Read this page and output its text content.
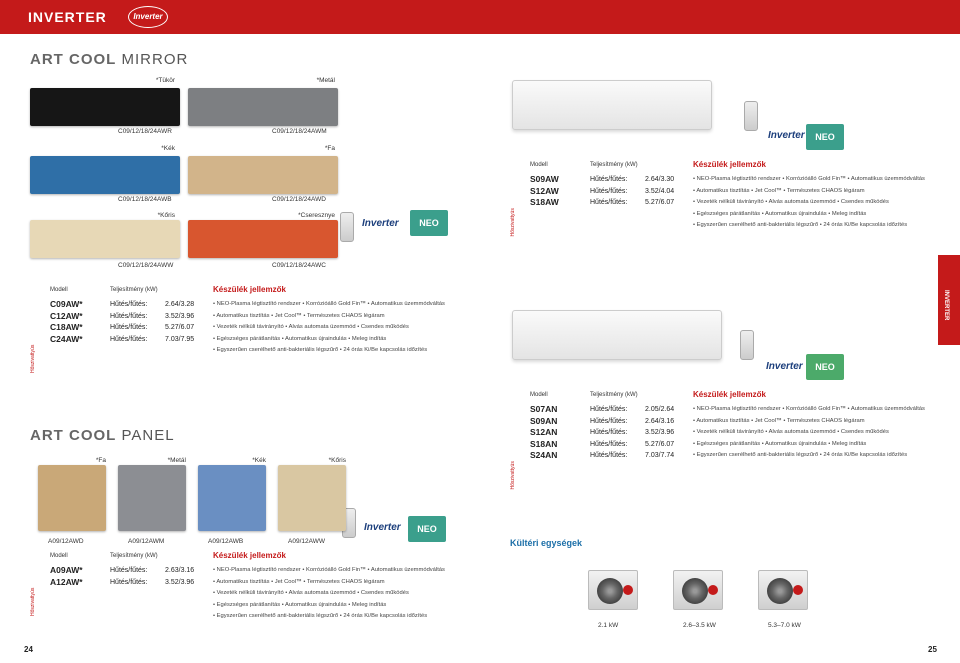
INVERTER	Inverter
ART COOL MIRROR
Inverter	NEO
Inverter	NEO
Inverter	NEO
INVERTER
ART COOL PANEL
Inverter	NEO
Kültéri egységek
24	25
*Tükör
C09/12/18/24AWR
*Metál
C09/12/18/24AWM
*Kék
C09/12/18/24AWB
*Fa
C09/12/18/24AWD
*Kőris
C09/12/18/24AWW
*Cseresznye
C09/12/18/24AWC
*Fa
A09/12AWD
*Metál
A09/12AWM
*Kék
A09/12AWB
*Kőris
A09/12AWW
Hőszivattyús
Modell	Teljesítmény (kW)	Készülék jellemzők
C09AW*	Hűtés/fűtés:	2.64/3.28
C12AW*	Hűtés/fűtés:	3.52/3.96
C18AW*	Hűtés/fűtés:	5.27/6.07
C24AW*	Hűtés/fűtés:	7.03/7.95
• NEO-Plasma légtisztító rendszer • Korrózióálló Gold Fin™ • Automatikus üzemmódváltás
• Automatikus tisztítás • Jet Cool™ • Természetes CHAOS légáram
• Vezeték nélküli távirányító • Alvás automata üzemmód • Csendes működés
• Egészséges párátlanítás • Automatikus újraindulás • Meleg indítás
• Egyszerűen cserélhető anti-bakteriális légszűrő • 24 órás Ki/Be kapcsolás időzítés
Hőszivattyús
Modell	Teljesítmény (kW)	Készülék jellemzők
S09AW	Hűtés/fűtés:	2.64/3.30
S12AW	Hűtés/fűtés:	3.52/4.04
S18AW	Hűtés/fűtés:	5.27/6.07
• NEO-Plasma légtisztító rendszer • Korrózióálló Gold Fin™ • Automatikus üzemmódváltás
• Automatikus tisztítás • Jet Cool™ • Természetes CHAOS légáram
• Vezeték nélküli távirányító • Alvás automata üzemmód • Csendes működés
• Egészséges párátlanítás • Automatikus újraindulás • Meleg indítás
• Egyszerűen cserélhető anti-bakteriális légszűrő • 24 órás Ki/Be kapcsolás időzítés
Hőszivattyús
Modell	Teljesítmény (kW)	Készülék jellemzők
S07AN	Hűtés/fűtés:	2.05/2.64
S09AN	Hűtés/fűtés:	2.64/3.16
S12AN	Hűtés/fűtés:	3.52/3.96
S18AN	Hűtés/fűtés:	5.27/6.07
S24AN	Hűtés/fűtés:	7.03/7.74
• NEO-Plasma légtisztító rendszer • Korrózióálló Gold Fin™ • Automatikus üzemmódváltás
• Automatikus tisztítás • Jet Cool™ • Természetes CHAOS légáram
• Vezeték nélküli távirányító • Alvás automata üzemmód • Csendes működés
• Egészséges párátlanítás • Automatikus újraindulás • Meleg indítás
• Egyszerűen cserélhető anti-bakteriális légszűrő • 24 órás Ki/Be kapcsolás időzítés
Hőszivattyús
Modell	Teljesítmény (kW)	Készülék jellemzők
A09AW*	Hűtés/fűtés:	2.63/3.16
A12AW*	Hűtés/fűtés:	3.52/3.96
• NEO-Plasma légtisztító rendszer • Korrózióálló Gold Fin™ • Automatikus üzemmódváltás
• Automatikus tisztítás • Jet Cool™ • Természetes CHAOS légáram
• Vezeték nélküli távirányító • Alvás automata üzemmód • Csendes működés
• Egészséges párátlanítás • Automatikus újraindulás • Meleg indítás
• Egyszerűen cserélhető anti-bakteriális légszűrő • 24 órás Ki/Be kapcsolás időzítés
2.1 kW	2.6–3.5 kW	5.3–7.0 kW
